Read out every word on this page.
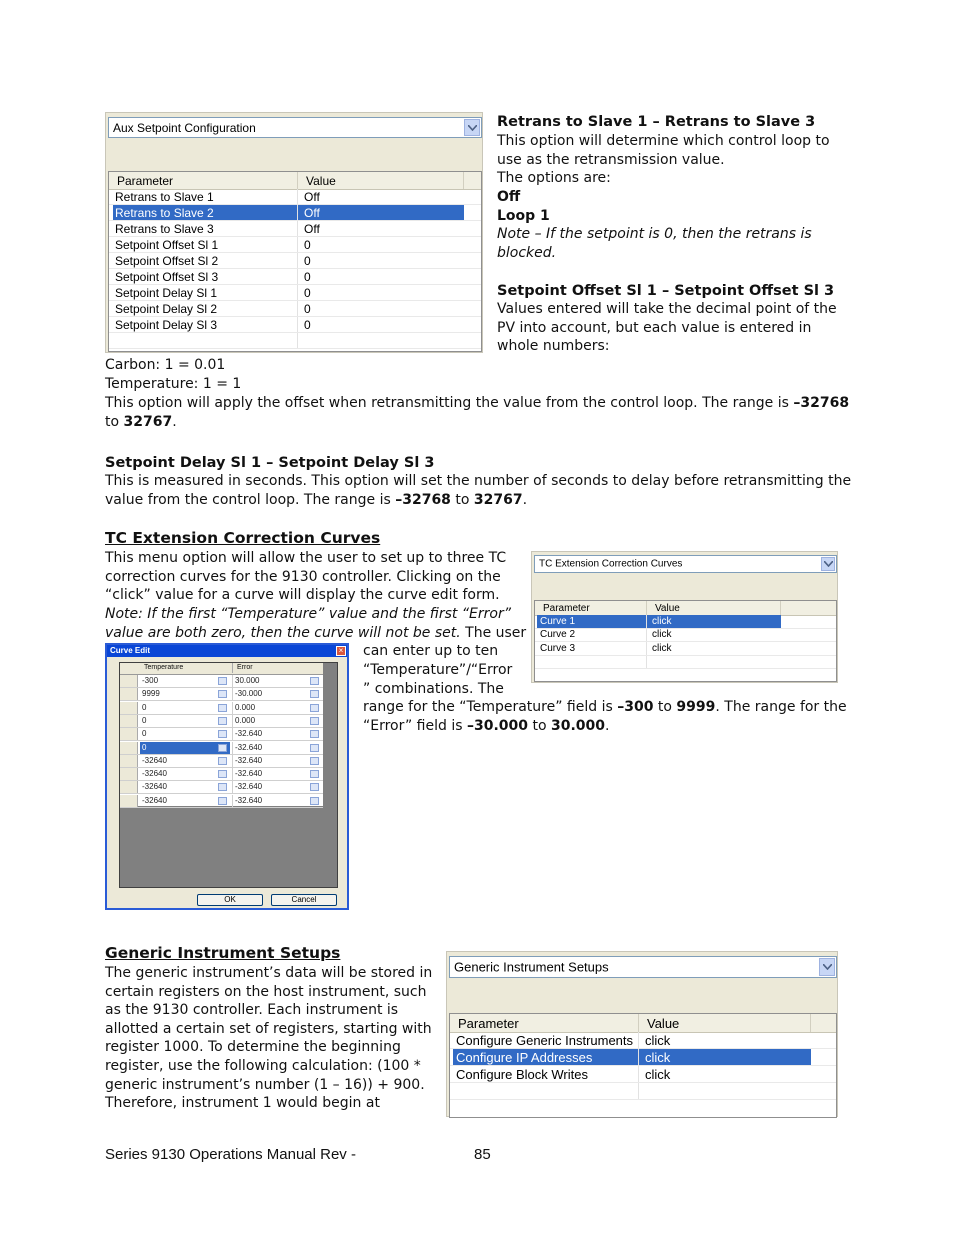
Aux Setpoint Configuration
Parameter	Value
Retrans to Slave 1	Off
Retrans to Slave 2	Off
Retrans to Slave 3	Off
Setpoint Offset Sl 1	0
Setpoint Offset Sl 2	0
Setpoint Offset Sl 3	0
Setpoint Delay Sl 1	0
Setpoint Delay Sl 2	0
Setpoint Delay Sl 3	0
Retrans to Slave 1 – Retrans to Slave 3
This option will determine which control loop to use as the retransmission value.
The options are:
Off
Loop 1
Note – If the setpoint is 0, then the retrans is blocked.
Setpoint Offset Sl 1 – Setpoint Offset Sl 3
Values entered will take the decimal point of the PV into account, but each value is entered in whole numbers:
Carbon: 1 = 0.01
Temperature: 1 = 1
This option will apply the offset when retransmitting the value from the control loop. The range is –32768 to 32767.
Setpoint Delay Sl 1 – Setpoint Delay Sl 3
This is measured in seconds. This option will set the number of seconds to delay before retransmitting the
value from the control loop. The range is –32768 to 32767.
TC Extension Correction Curves
This menu option will allow the user to set up to three TC
correction curves for the 9130 controller. Clicking on the
“click” value for a curve will display the curve edit form.
Note: If the first “Temperature” value and the first “Error”
value are both zero, then the curve will not be set. The user
can enter up to ten
“Temperature”/“Error
” combinations. The
range for the “Temperature” field is –300 to 9999. The range for the
“Error” field is –30.000 to 30.000.
TC Extension Correction Curves
Parameter	Value
Curve 1	click
Curve 2	click
Curve 3	click
Curve Edit	×
Temperature	Error
-300	30.000
9999	-30.000
0	0.000
0	0.000
0	-32.640
0	-32.640
-32640	-32.640
-32640	-32.640
-32640	-32.640
-32640	-32.640
OK	Cancel
Generic Instrument Setups
The generic instrument’s data will be stored in
certain registers on the host instrument, such
as the 9130 controller. Each instrument is
allotted a certain set of registers, starting with
register 1000. To determine the beginning
register, use the following calculation: (100 *
generic instrument’s number (1 – 16)) + 900.
Therefore, instrument 1 would begin at
Generic Instrument Setups
Parameter	Value
Configure Generic Instruments click
Configure IP Addresses	click
Configure Block Writes	click
Series 9130 Operations Manual Rev -	85
